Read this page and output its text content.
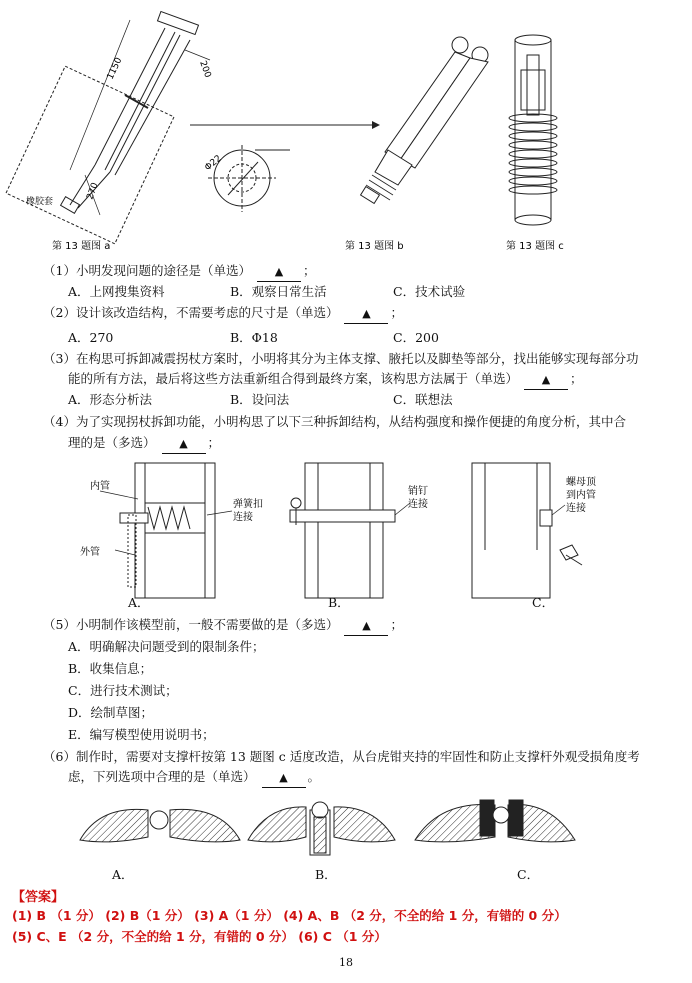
1150	200
270
橡胶套
Φ22
第 13 题图 b	第 13 题图 c
第 13 题图 a
（1）小明发现问题的途径是（单选） ▲ ；
A．上网搜集资料	B．观察日常生活	C．技术试验
（2）设计该改造结构，不需要考虑的尺寸是（单选） ▲ ；
A．270	B．Φ18	C．200
（3）在构思可拆卸减震拐杖方案时，小明将其分为主体支撑、腋托以及脚垫等部分，找出能够实现每部分功
能的所有方法，最后将这些方法重新组合得到最终方案，该构思方法属于（单选） ▲ ；
A．形态分析法	B．设问法	C．联想法
（4）为了实现拐杖拆卸功能，小明构思了以下三种拆卸结构，从结构强度和操作便捷的角度分析，其中合
理的是（多选） ▲ ；
内管
外管
弹簧扣
连接
销钉
连接
螺母顶
到内管
连接
A．	B．	C．
（5）小明制作该模型前，一般不需要做的是（多选） ▲ ；
A．明确解决问题受到的限制条件；
B．收集信息；
C．进行技术测试；
D．绘制草图；
E．编写模型使用说明书；
（6）制作时，需要对支撑杆按第 13 题图 c 适度改造，从台虎钳夹持的牢固性和防止支撑杆外观受损角度考
虑，下列选项中合理的是（单选） ▲ 。
A．	B．	C．
【答案】
(1) B （1 分） (2) B（1 分） (3) A（1 分） (4) A、B （2 分，不全的给 1 分，有错的 0 分）
(5) C、E （2 分，不全的给 1 分，有错的 0 分） (6) C （1 分）
18
